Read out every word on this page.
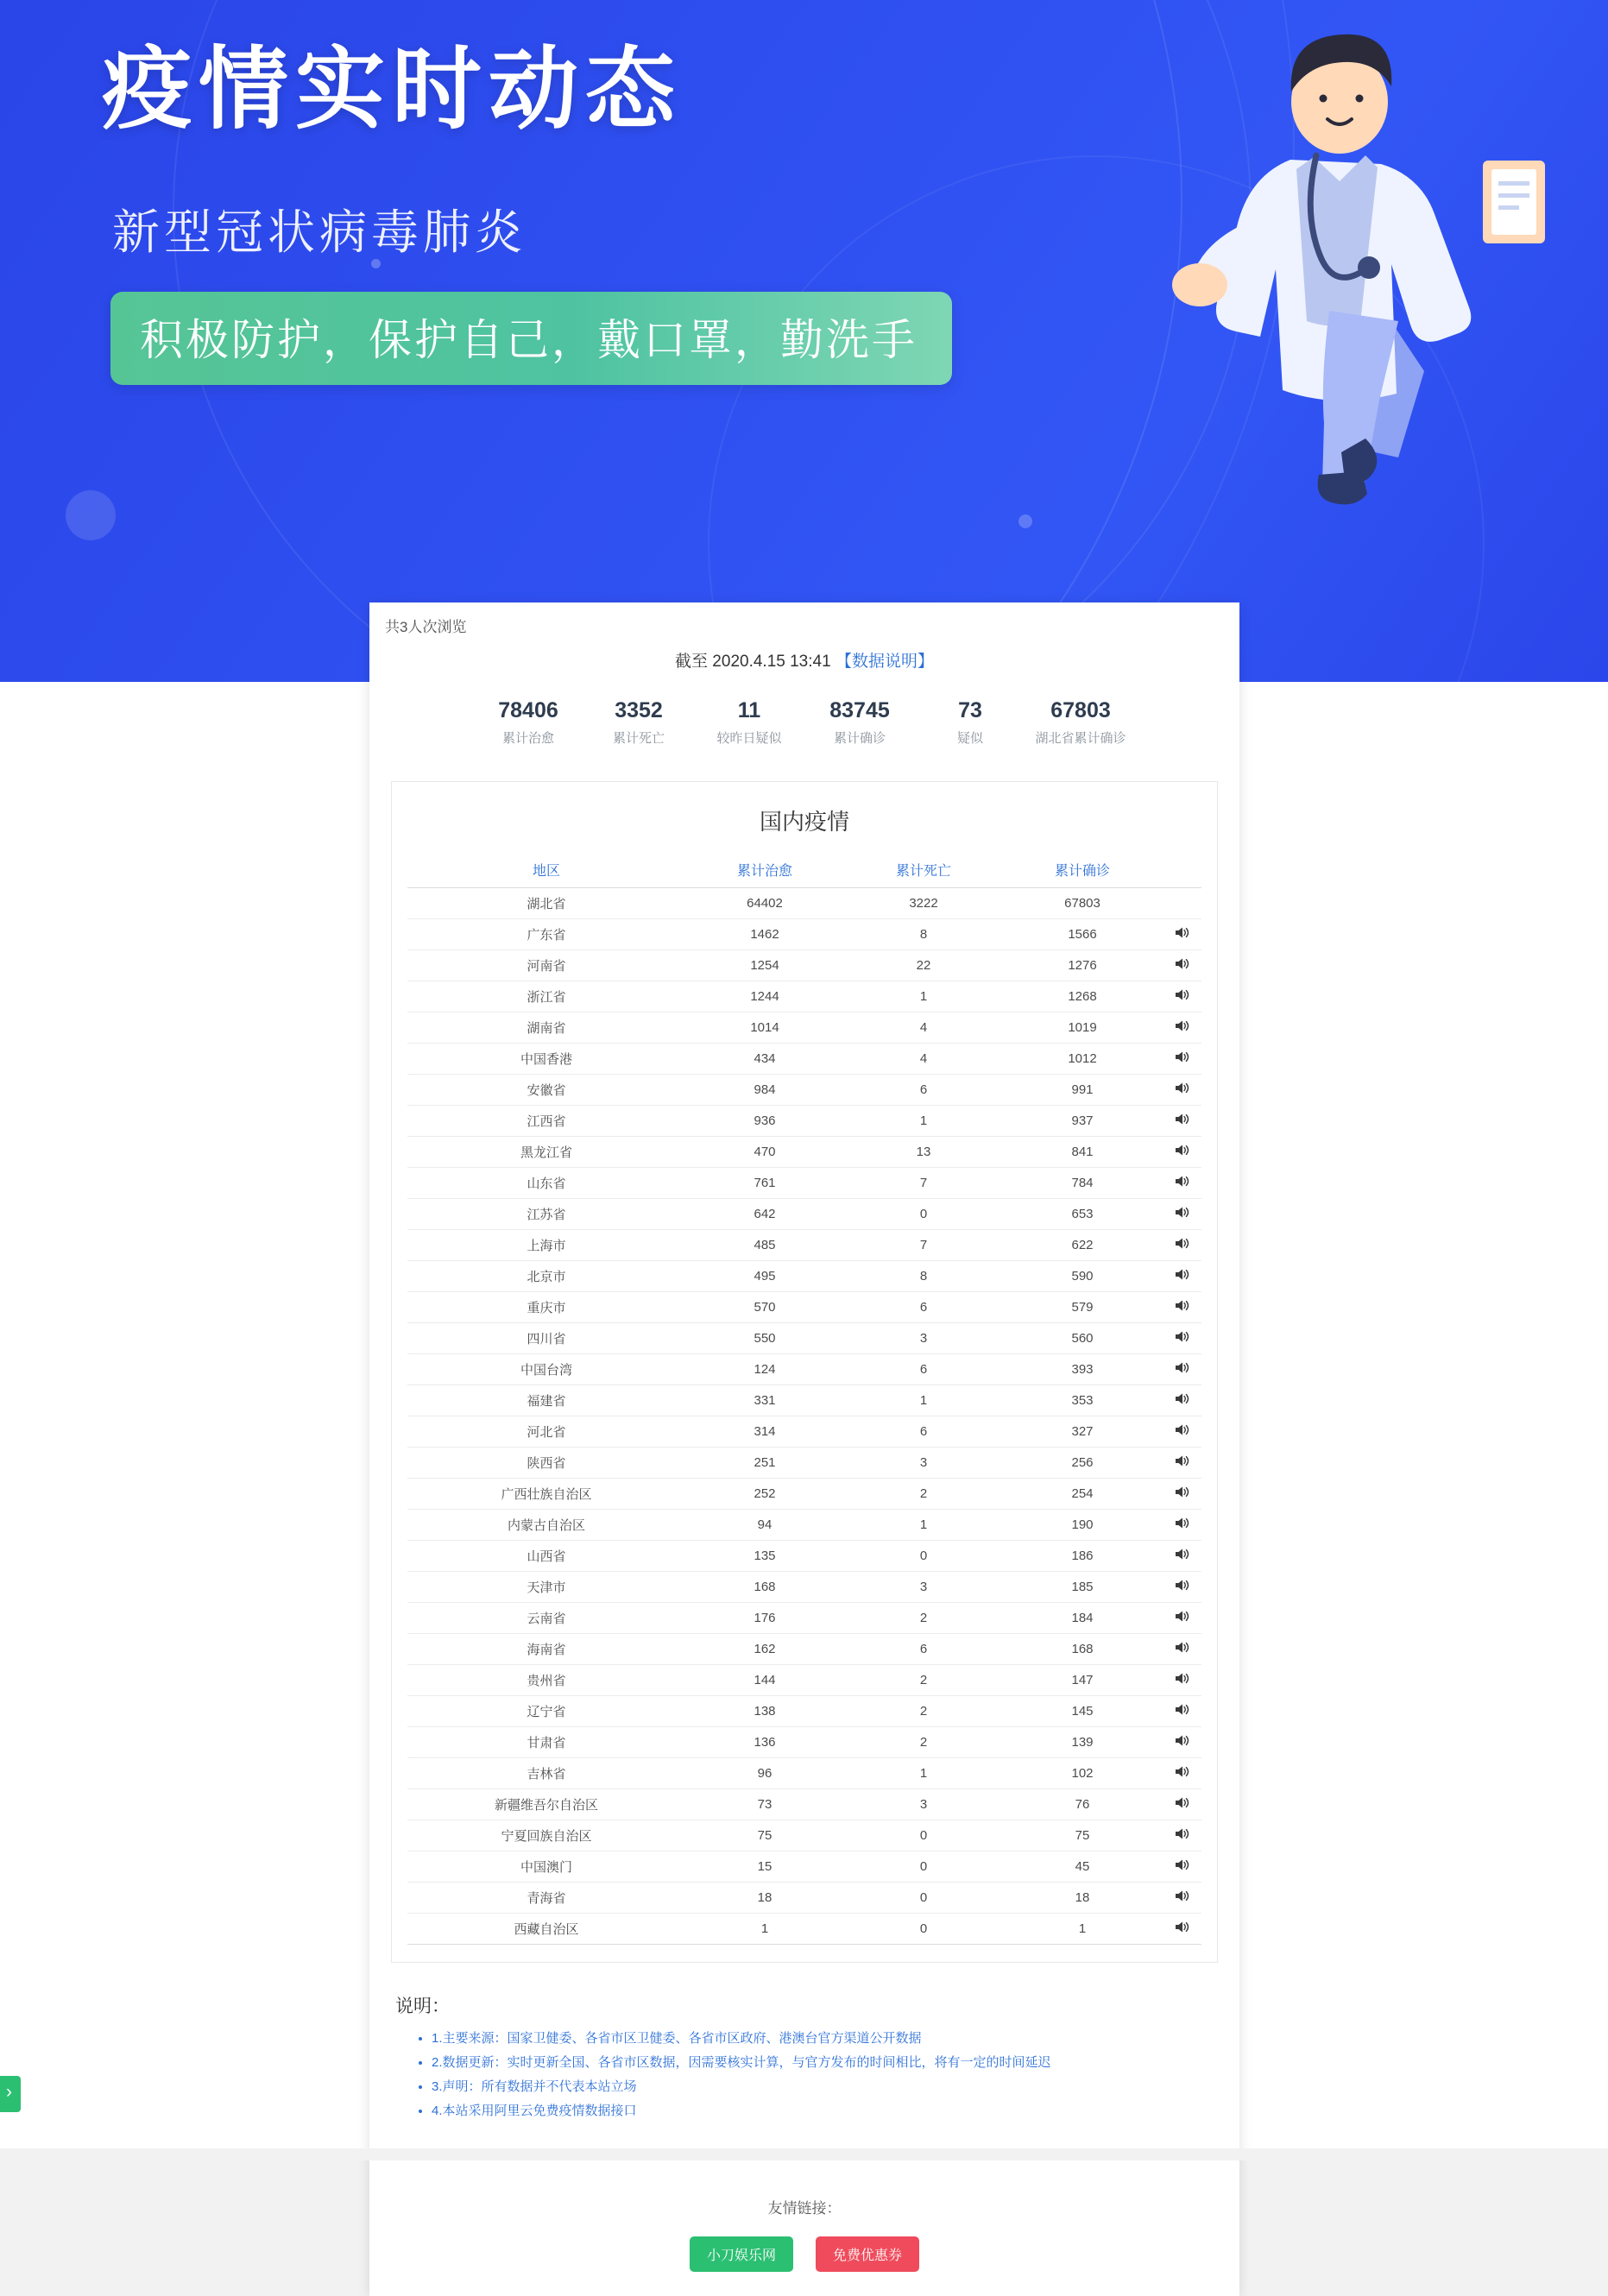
疫情实时动态
新型冠状病毒肺炎
积极防护，保护自己，戴口罩，勤洗手
共3人次浏览
截至 2020.4.15 13:41 【数据说明】
78406
累计治愈
3352
累计死亡
11
较昨日疑似
83745
累计确诊
73
疑似
67803
湖北省累计确诊
国内疫情
地区	累计治愈	累计死亡	累计确诊	
湖北省	64402	3222	67803	
广东省	1462	8	1566	
河南省	1254	22	1276	
浙江省	1244	1	1268	
湖南省	1014	4	1019	
中国香港	434	4	1012	
安徽省	984	6	991	
江西省	936	1	937	
黑龙江省	470	13	841	
山东省	761	7	784	
江苏省	642	0	653	
上海市	485	7	622	
北京市	495	8	590	
重庆市	570	6	579	
四川省	550	3	560	
中国台湾	124	6	393	
福建省	331	1	353	
河北省	314	6	327	
陕西省	251	3	256	
广西壮族自治区	252	2	254	
内蒙古自治区	94	1	190	
山西省	135	0	186	
天津市	168	3	185	
云南省	176	2	184	
海南省	162	6	168	
贵州省	144	2	147	
辽宁省	138	2	145	
甘肃省	136	2	139	
吉林省	96	1	102	
新疆维吾尔自治区	73	3	76	
宁夏回族自治区	75	0	75	
中国澳门	15	0	45	
青海省	18	0	18	
西藏自治区	1	0	1	
说明：
• 1.主要来源：国家卫健委、各省市区卫健委、各省市区政府、港澳台官方渠道公开数据
• 2.数据更新：实时更新全国、各省市区数据，因需要核实计算，与官方发布的时间相比，将有一定的时间延迟
• 3.声明：所有数据并不代表本站立场
• 4.本站采用阿里云免费疫情数据接口
友情链接：
小刀娱乐网	免费优惠券
›
